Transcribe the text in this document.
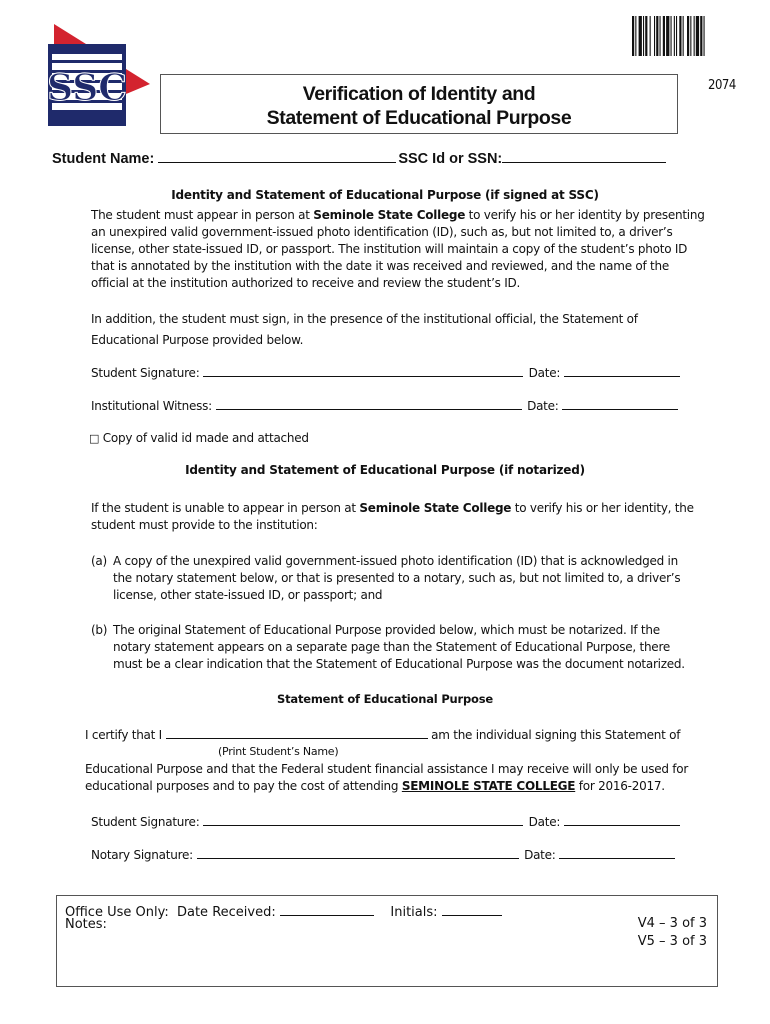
SSC	2074
Verification of Identity and
Statement of Educational Purpose
Student Name:	SSC Id or SSN:
Identity and Statement of Educational Purpose (if signed at SSC)
The student must appear in person at Seminole State College to verify his or her identity by presenting
an unexpired valid government-issued photo identification (ID), such as, but not limited to, a driver’s
license, other state-issued ID, or passport. The institution will maintain a copy of the student’s photo ID
that is annotated by the institution with the date it was received and reviewed, and the name of the
official at the institution authorized to receive and review the student’s ID.
In addition, the student must sign, in the presence of the institutional official, the Statement of
Educational Purpose provided below.
Student Signature:	Date:
Institutional Witness:	Date:
□ Copy of valid id made and attached
Identity and Statement of Educational Purpose (if notarized)
If the student is unable to appear in person at Seminole State College to verify his or her identity, the
student must provide to the institution:
(a) A copy of the unexpired valid government-issued photo identification (ID) that is acknowledged in
the notary statement below, or that is presented to a notary, such as, but not limited to, a driver’s
license, other state-issued ID, or passport; and
(b) The original Statement of Educational Purpose provided below, which must be notarized. If the
notary statement appears on a separate page than the Statement of Educational Purpose, there
must be a clear indication that the Statement of Educational Purpose was the document notarized.
Statement of Educational Purpose
I certify that I	am the individual signing this Statement of
(Print Student’s Name)
Educational Purpose and that the Federal student financial assistance I may receive will only be used for
educational purposes and to pay the cost of attending SEMINOLE STATE COLLEGE for 2016-2017.
Student Signature:	Date:
Notary Signature:	Date:
Office Use Only: Date Received:	Initials:
Notes:	V4 – 3 of 3
V5 – 3 of 3
